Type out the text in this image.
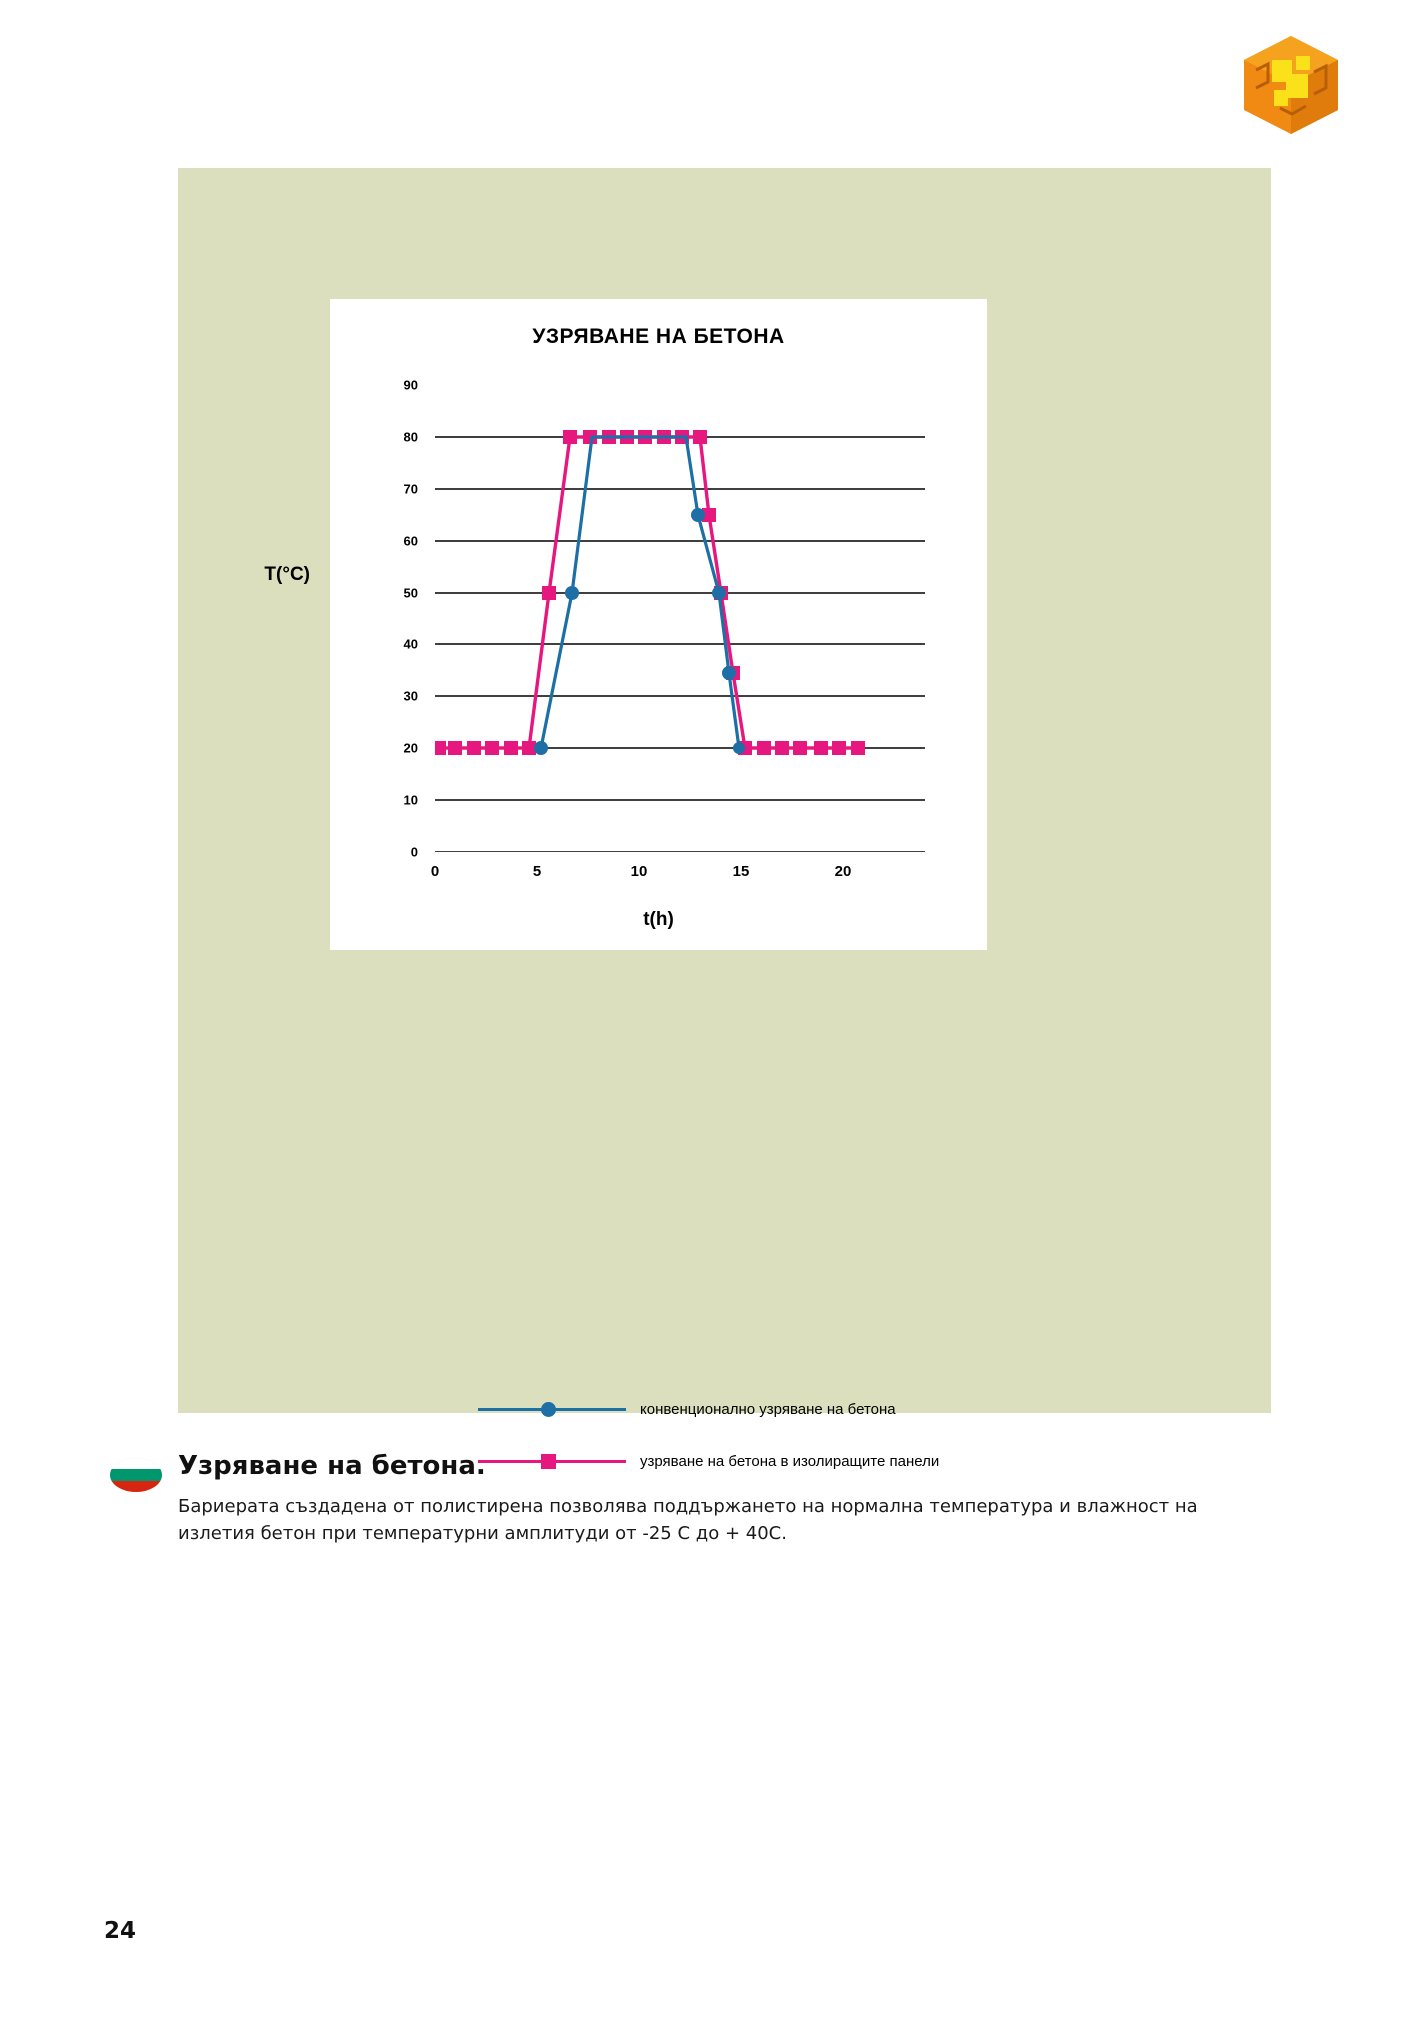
УЗРЯВАНЕ НА БЕТОНА
T(°C)
0
10
20
30
40
50
60
70
80
90
0	5	10	15	20
t(h)
конвенционално узряване на бетона
узряване на бетона в изолиращите панели
Узряване на бетона.
Бариерата създадена от полистирена позволява поддържането на нормална температура и влажност на излетия бетон при температурни амплитуди от -25 С до + 40С.
24
